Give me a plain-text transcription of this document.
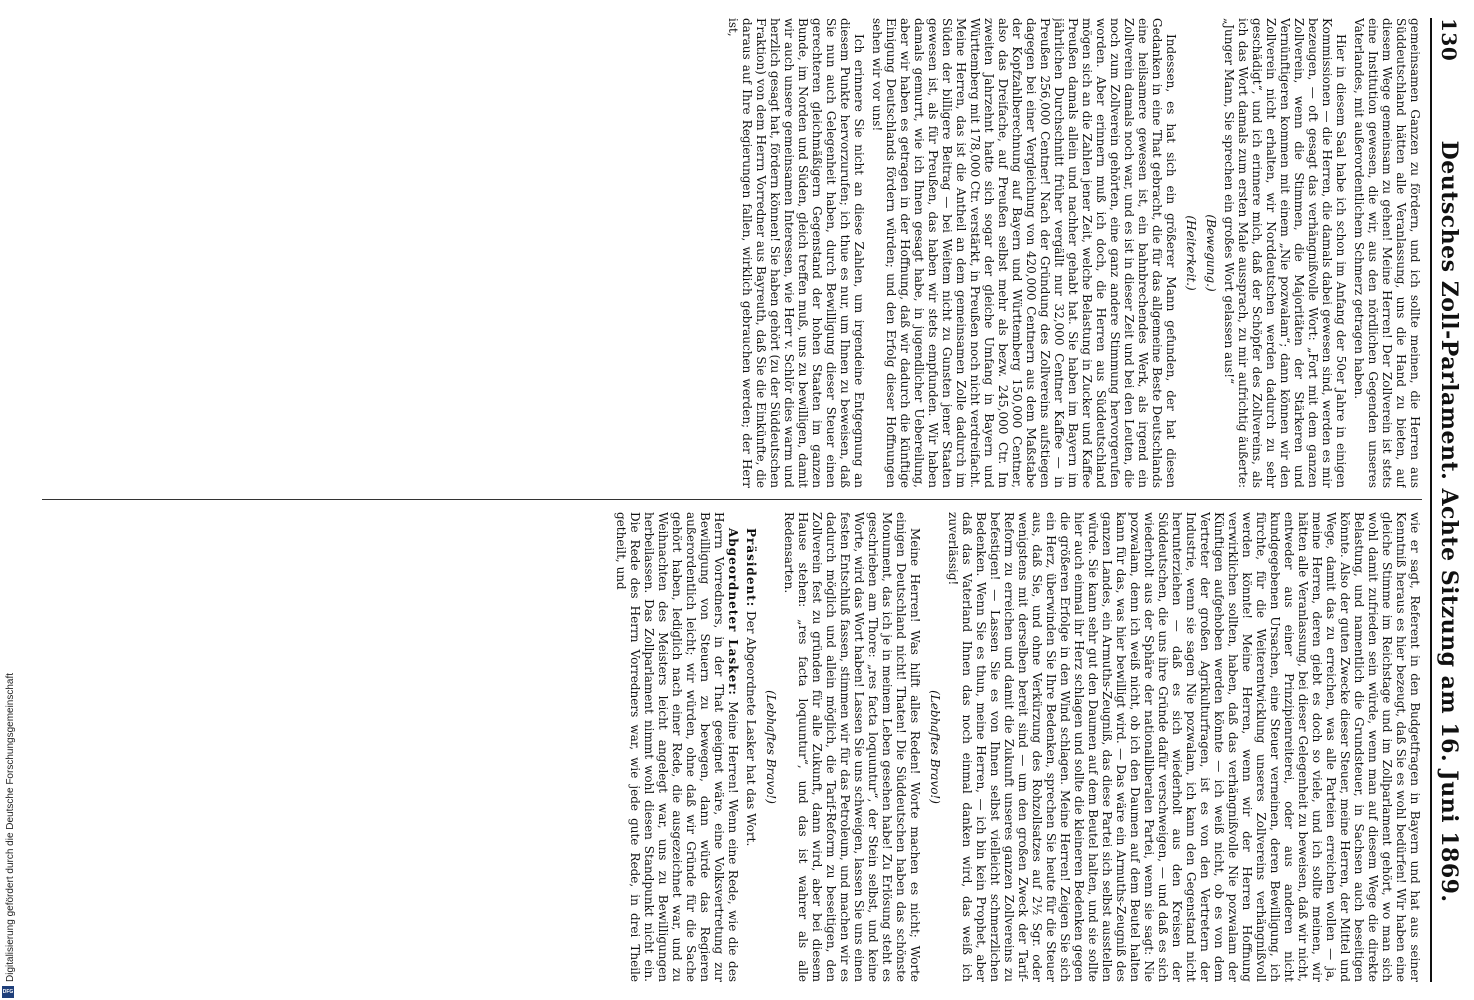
Digitalisierung gefördert durch die Deutsche Forschungsgemeinschaft
DFG
130
Deutsches Zoll-Parlament. Achte Sitzung am 16. Juni 1869.

gemeinsamen Ganzen zu fördern, und ich sollte meinen, die Herren aus Süddeutschland hätten alle Veranlassung, uns die Hand zu bieten, auf diesem Wege gemeinsam zu gehen! Meine Herren! Der Zollverein ist stets eine Institution gewesen, die wir, aus den nördlichen Gegenden unseres Vaterlandes, mit außerordentlichem Schmerz getragen haben.

Hier in diesem Saal habe ich schon im Anfang der 50er Jahre in einigen Kommissionen — die Herren, die damals dabei gewesen sind, werden es mir bezeugen, — oft gesagt das verhängnißvolle Wort: „Fort mit dem ganzen Zollverein, wenn die Stimmen, die Majoritäten der Stärkeren und Vernünftigeren kommen mit einem „Nie pozwalam“; dann können wir den Zollverein nicht erhalten, wir Norddeutschen werden dadurch zu sehr geschädigt“, und ich erinnere mich, daß der Schöpfer des Zollvereins, als ich das Wort damals zum ersten Male aussprach, zu mir aufrichtig äußerte: „Junger Mann, Sie sprechen ein großes Wort gelassen aus!“

(Bewegung.)
(Heiterkeit.)

Indessen, es hat sich ein größerer Mann gefunden, der hat diesen Gedanken in eine That gebracht, die für das allgemeine Beste Deutschlands eine heilsamere gewesen ist, ein bahnbrechendes Werk, als irgend ein Zollverein damals noch war, und es ist in dieser Zeit und bei den Leuten, die noch zum Zollverein gehörten, eine ganz andere Stimmung hervorgerufen worden. Aber erinnern muß ich doch, die Herren aus Süddeutschland mögen sich an die Zahlen jener Zeit, welche Belastung in Zucker und Kaffee Preußen damals allein und nachher gehabt hat. Sie haben im Bayern im jährlichen Durchschnitt früher vergällt nur 32,000 Centner Kaffee — in Preußen 256,000 Centner! Nach der Gründung des Zollvereins aufstiegen dagegen bei einer Vergleichung von 420,000 Centnern aus dem Maßstabe der Kopfzahlberechnung auf Bayern und Württemberg 150,000 Centner, also das Dreifache, auf Preußen selbst mehr als bezw. 245,000 Ctr. Im zweiten Jahrzehnt hatte sich sogar der gleiche Umfang in Bayern und Württemberg mit 178,000 Ctr. verstärkt, in Preußen noch nicht verdreifacht. Meine Herren, das ist die Antheil an dem gemeinsamen Zolle dadurch im Süden der billigere Beitrag — bei Weitem nicht zu Gunsten jener Staaten gewesen ist, als für Preußen, das haben wir stets empfunden. Wir haben damals gemurrt, wie ich Ihnen gesagt habe, in jugendlicher Uebereilung, aber wir haben es getragen in der Hoffnung, daß wir dadurch die künftige Einigung Deutschlands fördern würden; und den Erfolg dieser Hoffnungen sehen wir vor uns!

Ich erinnere Sie nicht an diese Zahlen, um irgendeine Entgegnung an diesem Punkte hervorzurufen; ich thue es nur, um Ihnen zu beweisen, daß Sie nun auch Gelegenheit haben, durch Bewilligung dieser Steuer einen gerechteren gleichmäßigern Gegenstand der hohen Staaten im ganzen Bunde, im Norden und Süden, gleich treffen muß, uns zu bewilligen, damit wir auch unsere gemeinsamen Interessen, wie Herr v. Schlör dies warm und herzlich gesagt hat, fördern können! Sie haben gehört (zu der Süddeutschen Fraktion) von dem Herrn Vorredner aus Bayreuth, daß Sie die Einkünfte, die daraus auf Ihre Regierungen fallen, wirklich gebrauchen werden; der Herr ist,

wie er sagt, Referent in den Budgetfragen in Bayern und hat aus seiner Kenntniß heraus es hier bezeugt, daß Sie es wohl bedürfen! Wir haben eine gleiche Stimme im Reichstage und im Zollparlament gehört, wo man sich wohl damit zufrieden sein würde, wenn man auf diesem Wege die direkte Belastung, und namentlich die Grundsteuer, in Sachsen auch beseitigen könnte. Also der guten Zwecke dieser Steuer, meine Herren, der Mittel und Wege, damit das zu erreichen, was alle Parteien erreichen wollen — ja, meine Herren, deren giebt es doch so viele, und ich sollte meinen, wir hätten alle Veranlassung, bei dieser Gelegenheit zu beweisen, daß wir nicht, entweder aus einer Prinzipienreiterei, oder aus anderen nicht kundgegebenen Ursachen, eine Steuer verneinen, deren Bewilligung, ich fürchte, für die Weiterentwicklung unseres Zollvereins verhängnißvoll werden könnte! Meine Herren, wenn wir der Herren Hoffnung verwirklichen sollten, haben, daß das verhängnißvolle Nie pozwalam der Künftigen aufgehoben werden könnte — ich weiß nicht, ob es von dem Vertreter der großen Agrikulturfragen, ist es von den Vertretern der Industrie, wenn sie sagen Nie pozwalam, ich kann den Gegenstand nicht herunterziehen — daß es sich wiederholt aus den Kreisen der Süddeutschen, die uns ihre Gründe dafür verschweigen, — und daß es sich wiederholt aus der Sphäre der nationalliberalen Partei, wenn sie sagt: Nie pozwalam, denn ich weiß nicht, ob ich den Daumen auf dem Beutel halten kann für das, was hier bewilligt wird. — Das wäre ein Armuths-Zeugniß des ganzen Landes, ein Armuths-Zeugniß, das diese Partei sich selbst ausstellen würde. Sie kann sehr gut den Daumen auf dem Beutel halten, und sie sollte hier auch einmal ihr Herz schlagen und sollte die kleineren Bedenken gegen die größeren Erfolge in den Wind schlagen. Meine Herren! Zeigen Sie sich ein Herz, überwinden Sie Ihre Bedenken, sprechen Sie heute für die Steuer aus, daß Sie, und ohne Verkürzung des Rohzollsatzes auf 2½ Sgr. oder wenigstens mit derselben bereit sind — um den großen Zweck der Tarif-Reform zu erreichen und damit die Zukunft unseres ganzen Zollvereins zu befestigen! — Lassen Sie es von Ihnen selbst vielleicht schmerzlichen Bedenken. Wenn Sie es thun, meine Herren, — ich bin kein Prophet, aber daß das Vaterland Ihnen das noch einmal danken wird, das weiß ich zuverlässig!

(Lebhaftes Bravo!)

Meine Herren! Was hilft alles Reden! Worte machen es nicht; Worte einigen Deutschland nicht! Thaten! Die Süddeutschen haben das schönste Monument, das ich je in meinem Leben gesehen habe! Zu Erlösung steht es geschrieben am Thore: „res facta loquuntur“, der Stein selbst, und keine Worte, wird das Wort haben! Lassen Sie uns schweigen, lassen Sie uns einen festen Entschluß fassen, stimmen wir für das Petroleum, und machen wir es dadurch möglich und allein möglich, die Tarif-Reform zu beseitigen, den Zollverein fest zu gründen für alle Zukunft, dann wird, aber bei diesem Hause stehen: „res facta loquuntur“, und das ist wahrer als alle Redensarten.

(Lebhaftes Bravo!)

Präsident: Der Abgeordnete Lasker hat das Wort.

Abgeordneter Lasker: Meine Herren! Wenn eine Rede, wie die des Herrn Vorredners, in der That geeignet wäre, eine Volksvertretung zur Bewilligung von Steuern zu bewegen, dann würde das Regieren außerordentlich leicht; wir würden, ohne daß wir Gründe für die Sache gehört haben, lediglich nach einer Rede, die ausgezeichnet war, und zu Weihnachten des Meisters leicht angelegt war, uns zu Bewilligungen herbeilassen. Das Zollparlament nimmt wohl diesen Standpunkt nicht ein. Die Rede des Herrn Vorredners war, wie jede gute Rede, in drei Theile getheilt, und
